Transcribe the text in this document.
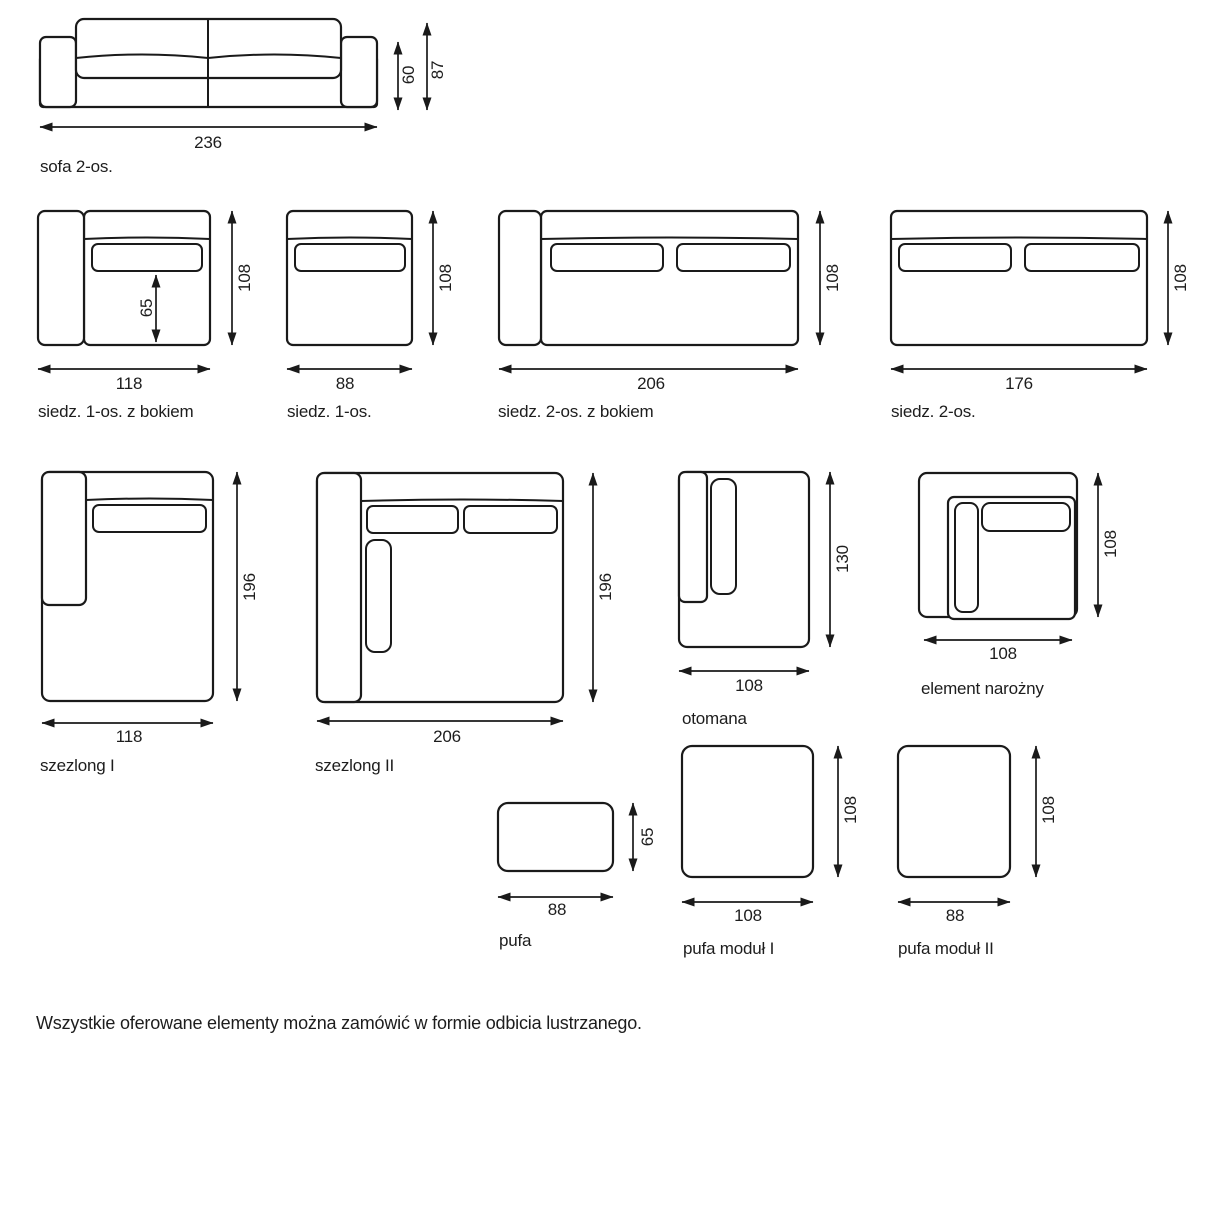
60 87
236
65
108
118
108
88
108
206
108
176
196
118
196
206
130
108
108
108
65
88
108
108
108
88
sofa 2-os.
siedz. 1-os. z bokiem	siedz. 1-os.	siedz. 2-os. z bokiem	siedz. 2-os.
szezlong I	szezlong II
otomana
element narożny
pufa	pufa moduł I	pufa moduł II
Wszystkie oferowane elementy można zamówić w formie odbicia lustrzanego.
